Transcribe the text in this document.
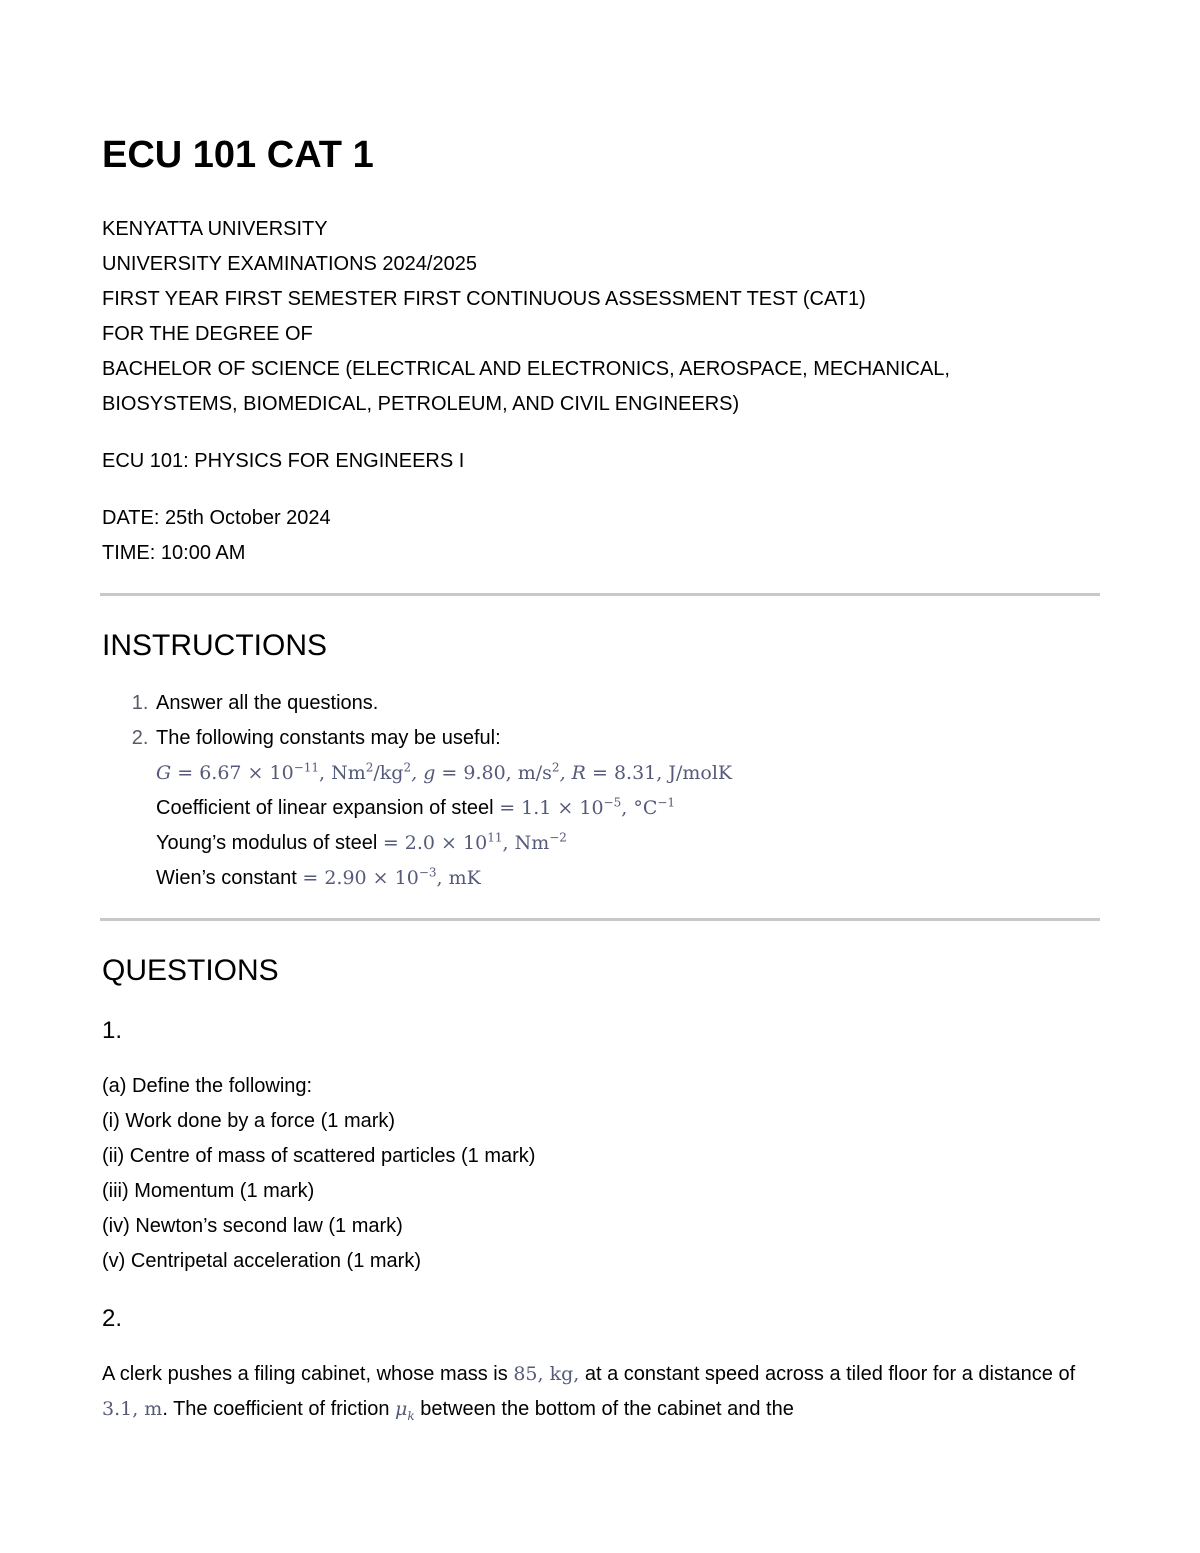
ECU 101 CAT 1
KENYATTA UNIVERSITY
UNIVERSITY EXAMINATIONS 2024/2025
FIRST YEAR FIRST SEMESTER FIRST CONTINUOUS ASSESSMENT TEST (CAT1)
FOR THE DEGREE OF
BACHELOR OF SCIENCE (ELECTRICAL AND ELECTRONICS, AEROSPACE, MECHANICAL,
BIOSYSTEMS, BIOMEDICAL, PETROLEUM, AND CIVIL ENGINEERS)
ECU 101: PHYSICS FOR ENGINEERS I
DATE: 25th October 2024
TIME: 10:00 AM
INSTRUCTIONS
1. Answer all the questions.
2. The following constants may be useful:
$G = 6.67 \times 10^{-11}$, $Nm^2/kg^2$, g = 9.80, $m/s^2$, R = 8.31, J/molK
Coefficient of linear expansion of steel = $1.1 \times 10^{-5}$, $^\circ C^{-1}$
Young’s modulus of steel = $2.0 \times 10^{11}$, $Nm^{-2}$
Wien’s constant = $2.90 \times 10^{-3}$, mK
QUESTIONS
1.
(a) Define the following:
(i) Work done by a force (1 mark)
(ii) Centre of mass of scattered particles (1 mark)
(iii) Momentum (1 mark)
(iv) Newton’s second law (1 mark)
(v) Centripetal acceleration (1 mark)
2.
A clerk pushes a filing cabinet, whose mass is 85, kg, at a constant speed across a tiled floor for a distance of 3.1, m. The coefficient of friction $\mu_k$ between the bottom of the cabinet and the
